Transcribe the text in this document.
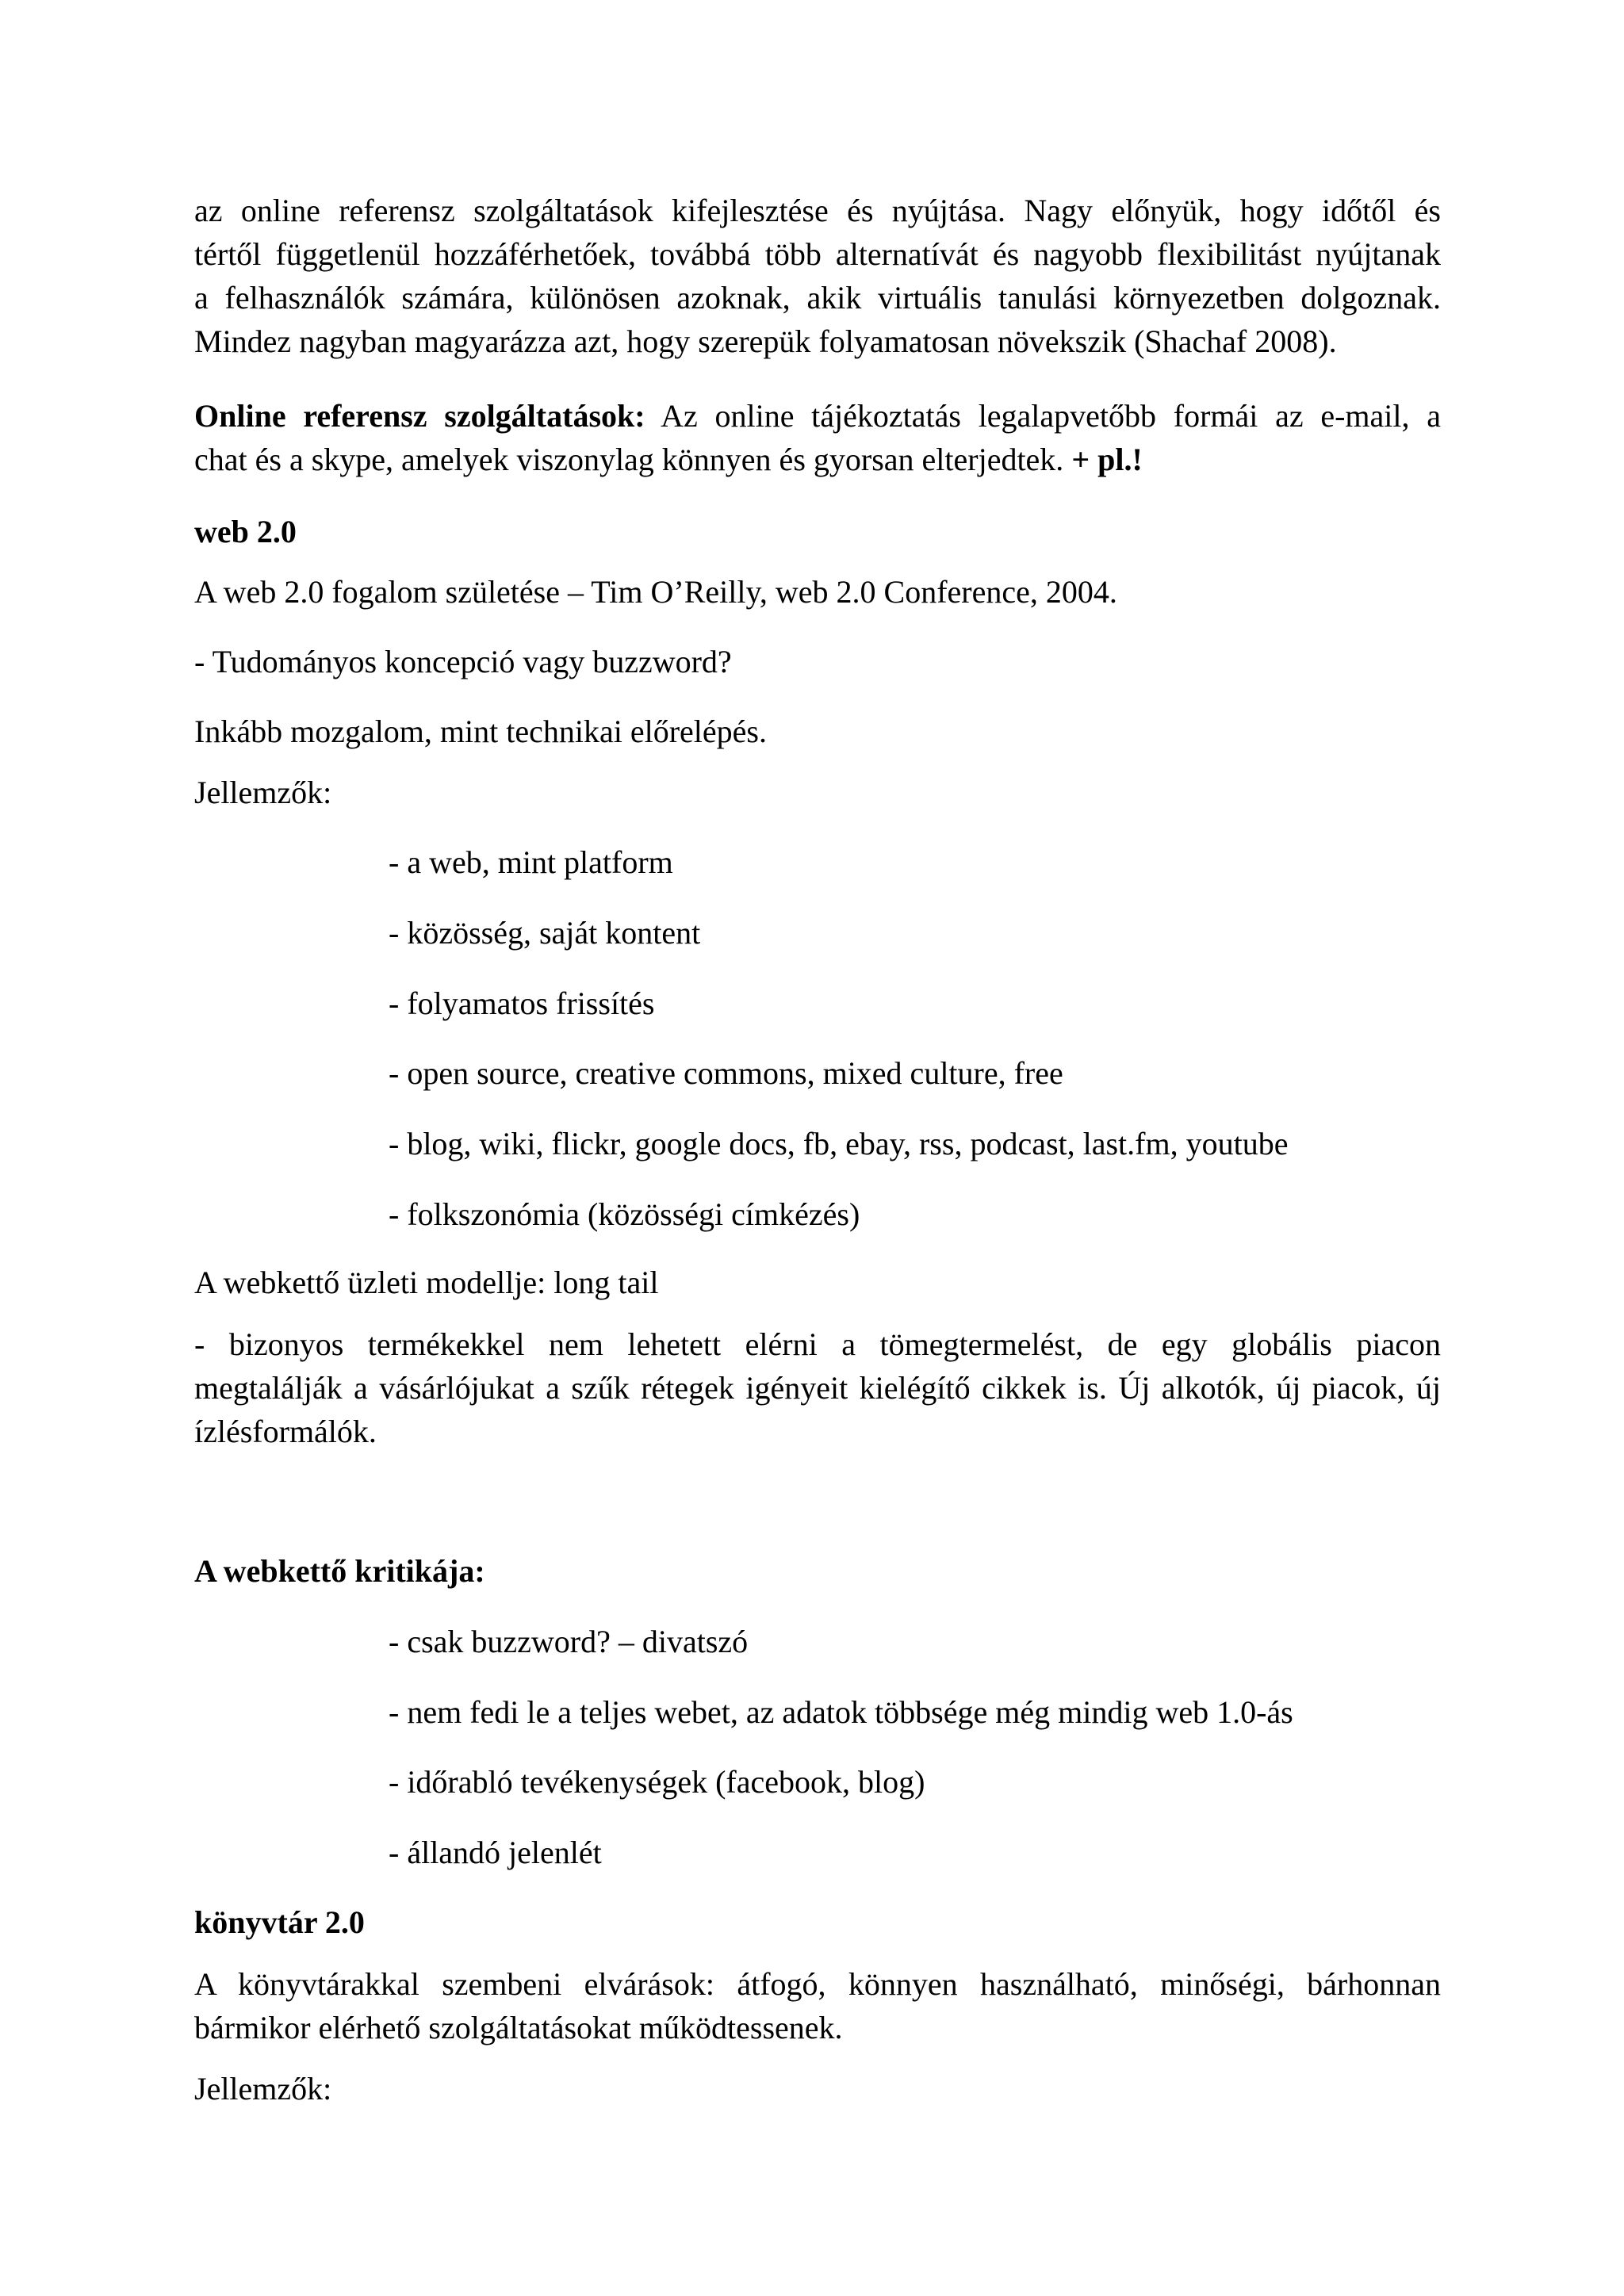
az online referensz szolgáltatások kifejlesztése és nyújtása. Nagy előnyük, hogy időtől és

tértől függetlenül hozzáférhetőek, továbbá több alternatívát és nagyobb flexibilitást nyújtanak

a felhasználók számára, különösen azoknak, akik virtuális tanulási környezetben dolgoznak.

Mindez nagyban magyarázza azt, hogy szerepük folyamatosan növekszik (Shachaf 2008).

Online referensz szolgáltatások: Az online tájékoztatás legalapvetőbb formái az e-mail, a

chat és a skype, amelyek viszonylag könnyen és gyorsan elterjedtek. + pl.!

web 2.0

A web 2.0 fogalom születése – Tim O’Reilly, web 2.0 Conference, 2004.

- Tudományos koncepció vagy buzzword?

Inkább mozgalom, mint technikai előrelépés.

Jellemzők:

- a web, mint platform

- közösség, saját kontent

- folyamatos frissítés

- open source, creative commons, mixed culture, free

- blog, wiki, flickr, google docs, fb, ebay, rss, podcast, last.fm, youtube

- folkszonómia (közösségi címkézés)

A webkettő üzleti modellje: long tail

- bizonyos termékekkel nem lehetett elérni a tömegtermelést, de egy globális piacon

megtalálják a vásárlójukat a szűk rétegek igényeit kielégítő cikkek is. Új alkotók, új piacok, új

ízlésformálók.

A webkettő kritikája:

- csak buzzword? – divatszó

- nem fedi le a teljes webet, az adatok többsége még mindig web 1.0-ás

- időrabló tevékenységek (facebook, blog)

- állandó jelenlét

könyvtár 2.0

A könyvtárakkal szembeni elvárások: átfogó, könnyen használható, minőségi, bárhonnan

bármikor elérhető szolgáltatásokat működtessenek.

Jellemzők:
